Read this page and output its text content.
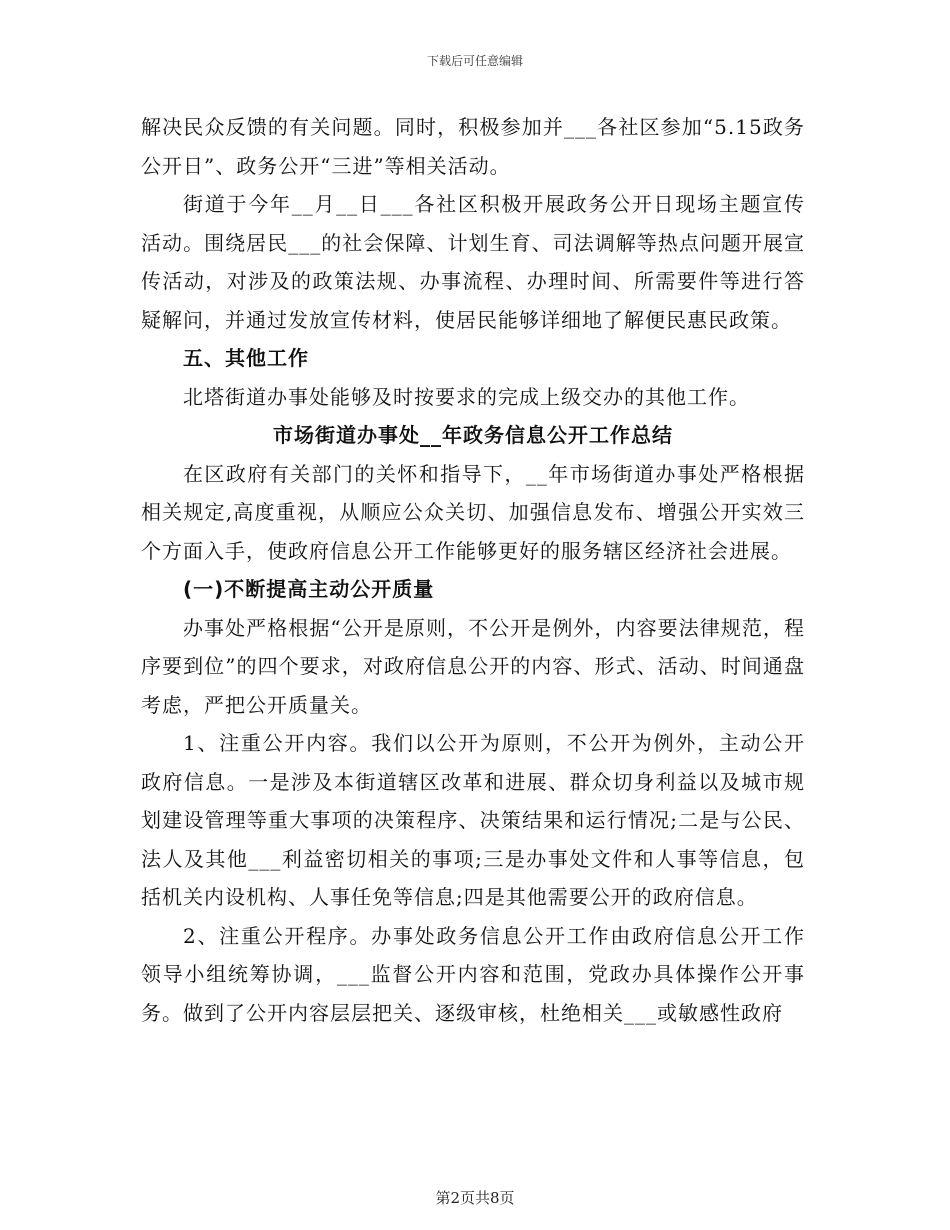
下载后可任意编辑

解决民众反馈的有关问题。同时，积极参加并___各社区参加“5.15政务公开日”、政务公开“三进”等相关活动。

街道于今年__月__日___各社区积极开展政务公开日现场主题宣传活动。围绕居民___的社会保障、计划生育、司法调解等热点问题开展宣传活动，对涉及的政策法规、办事流程、办理时间、所需要件等进行答疑解问，并通过发放宣传材料，使居民能够详细地了解便民惠民政策。

五、其他工作

北塔街道办事处能够及时按要求的完成上级交办的其他工作。

市场街道办事处__年政务信息公开工作总结

在区政府有关部门的关怀和指导下，__年市场街道办事处严格根据相关规定,高度重视，从顺应公众关切、加强信息发布、增强公开实效三个方面入手，使政府信息公开工作能够更好的服务辖区经济社会进展。

(一)不断提高主动公开质量

办事处严格根据“公开是原则，不公开是例外，内容要法律规范，程序要到位”的四个要求，对政府信息公开的内容、形式、活动、时间通盘考虑，严把公开质量关。

1、注重公开内容。我们以公开为原则，不公开为例外，主动公开政府信息。一是涉及本街道辖区改革和进展、群众切身利益以及城市规划建设管理等重大事项的决策程序、决策结果和运行情况;二是与公民、法人及其他___利益密切相关的事项;三是办事处文件和人事等信息，包括机关内设机构、人事任免等信息;四是其他需要公开的政府信息。

2、注重公开程序。办事处政务信息公开工作由政府信息公开工作领导小组统筹协调，___监督公开内容和范围，党政办具体操作公开事务。做到了公开内容层层把关、逐级审核，杜绝相关___或敏感性政府

第2页共8页
